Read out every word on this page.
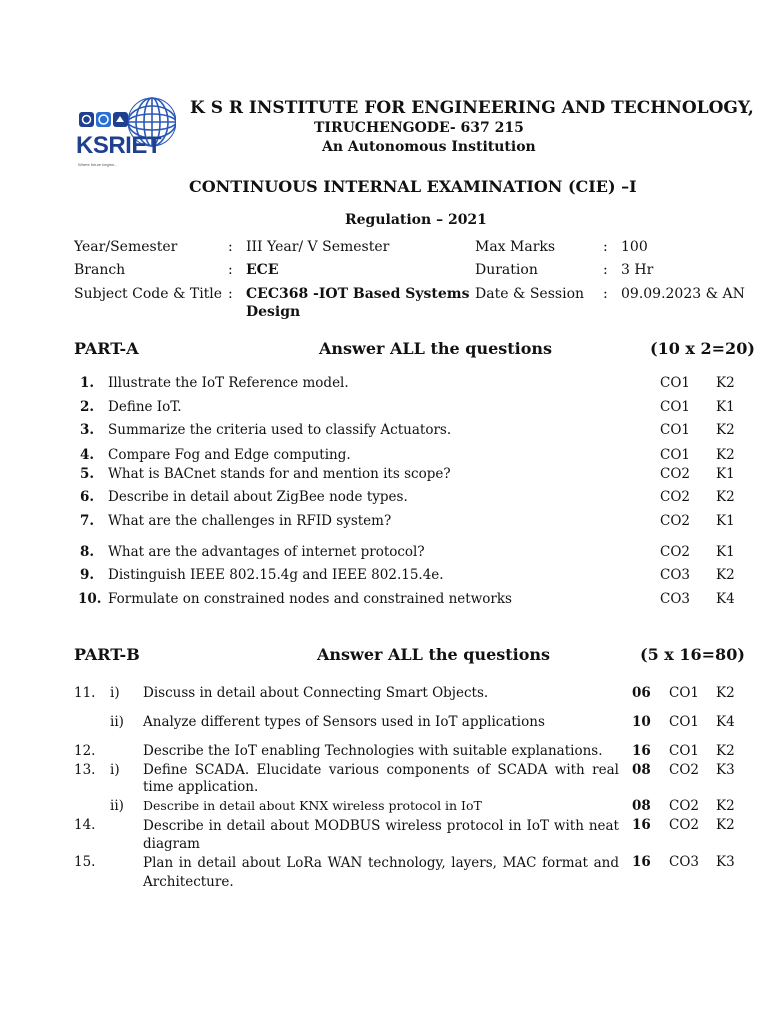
KSRIET
Where future begins...
K S R INSTITUTE FOR ENGINEERING AND TECHNOLOGY,
TIRUCHENGODE- 637 215
An Autonomous Institution
CONTINUOUS INTERNAL EXAMINATION (CIE) –I
Regulation – 2021
Year/Semester	: III Year/ V Semester
Branch	: ECE
Subject Code & Title : CEC368 -IOT Based Systems
Design
Max Marks	: 100
Duration	: 3 Hr
Date & Session : 09.09.2023 & AN
PART-A	Answer ALL the questions	(10 x 2=20)
1. Illustrate the IoT Reference model.	CO1 K2
2. Define IoT.	CO1 K1
3. Summarize the criteria used to classify Actuators.	CO1 K2
4. Compare Fog and Edge computing.	CO1 K2
5. What is BACnet stands for and mention its scope?	CO2 K1
6. Describe in detail about ZigBee node types.	CO2 K2
7. What are the challenges in RFID system?	CO2 K1
8. What are the advantages of internet protocol?	CO2 K1
9. Distinguish IEEE 802.15.4g and IEEE 802.15.4e.	CO3 K2
10. Formulate on constrained nodes and constrained networks	CO3 K4
PART-B	Answer ALL the questions	(5 x 16=80)
11. i) Discuss in detail about Connecting Smart Objects.	06 CO1 K2
ii) Analyze different types of Sensors used in IoT applications	10 CO1 K4
12.	Describe the IoT enabling Technologies with suitable explanations. 16 CO1 K2
13. i) Define SCADA. Elucidate various components of SCADA with real time application.
08 CO2 K3
ii) Describe in detail about KNX wireless protocol in IoT	08 CO2 K2
14.	Describe in detail about MODBUS wireless protocol in IoT with neat diagram
16 CO2 K2
15.	Plan in detail about LoRa WAN technology, layers, MAC format and Architecture.
16 CO3 K3
